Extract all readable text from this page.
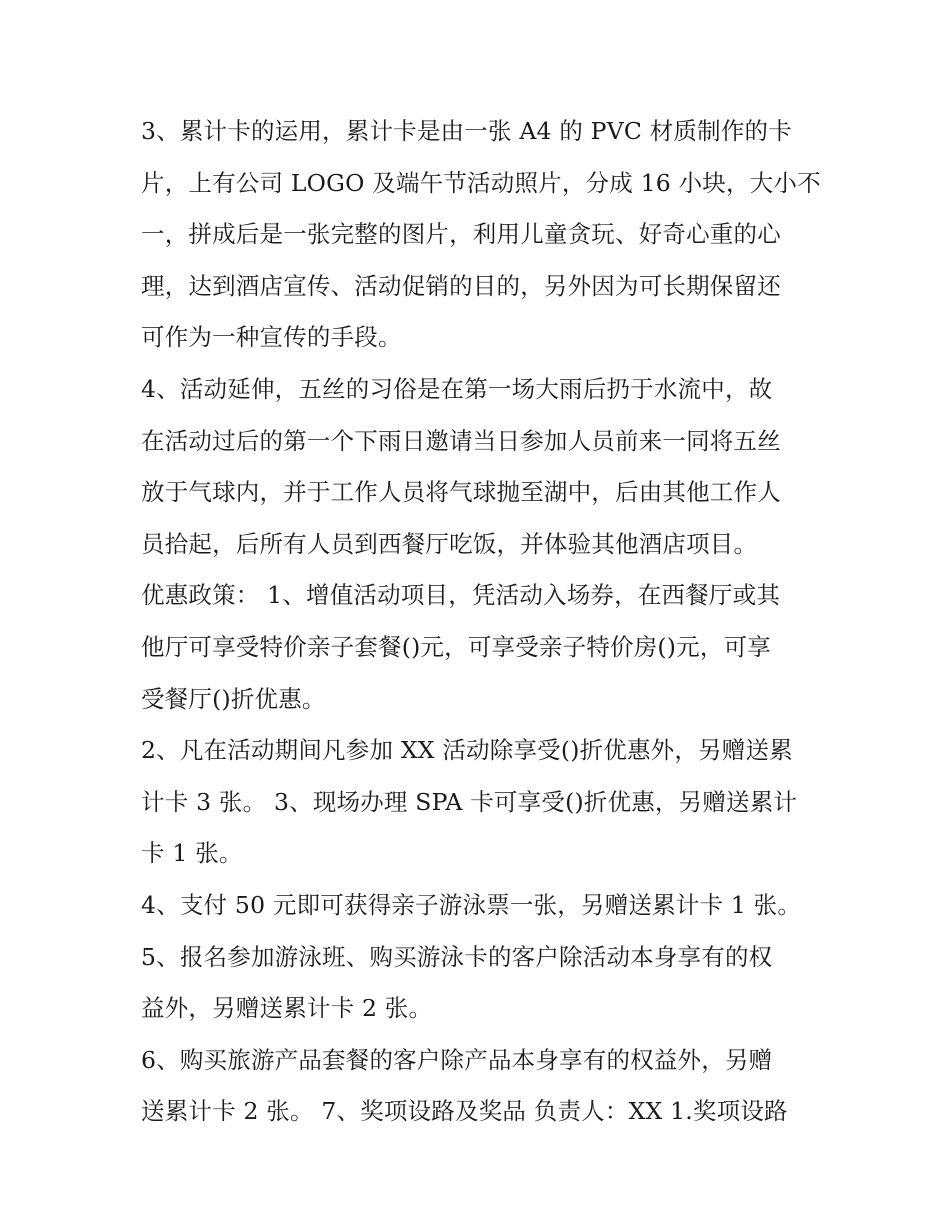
3、累计卡的运用，累计卡是由一张 A4 的 PVC 材质制作的卡
片，上有公司 LOGO 及端午节活动照片，分成 16 小块，大小不
一，拼成后是一张完整的图片，利用儿童贪玩、好奇心重的心
理，达到酒店宣传、活动促销的目的，另外因为可长期保留还
可作为一种宣传的手段。
4、活动延伸，五丝的习俗是在第一场大雨后扔于水流中，故
在活动过后的第一个下雨日邀请当日参加人员前来一同将五丝
放于气球内，并于工作人员将气球抛至湖中，后由其他工作人
员拾起，后所有人员到西餐厅吃饭，并体验其他酒店项目。
优惠政策： 1、增值活动项目，凭活动入场券，在西餐厅或其
他厅可享受特价亲子套餐()元，可享受亲子特价房()元，可享
受餐厅()折优惠。
2、凡在活动期间凡参加 XX 活动除享受()折优惠外，另赠送累
计卡 3 张。 3、现场办理 SPA 卡可享受()折优惠，另赠送累计
卡 1 张。
4、支付 50 元即可获得亲子游泳票一张，另赠送累计卡 1 张。
5、报名参加游泳班、购买游泳卡的客户除活动本身享有的权
益外，另赠送累计卡 2 张。
6、购买旅游产品套餐的客户除产品本身享有的权益外，另赠
送累计卡 2 张。 7、奖项设路及奖品 负责人：XX 1.奖项设路
